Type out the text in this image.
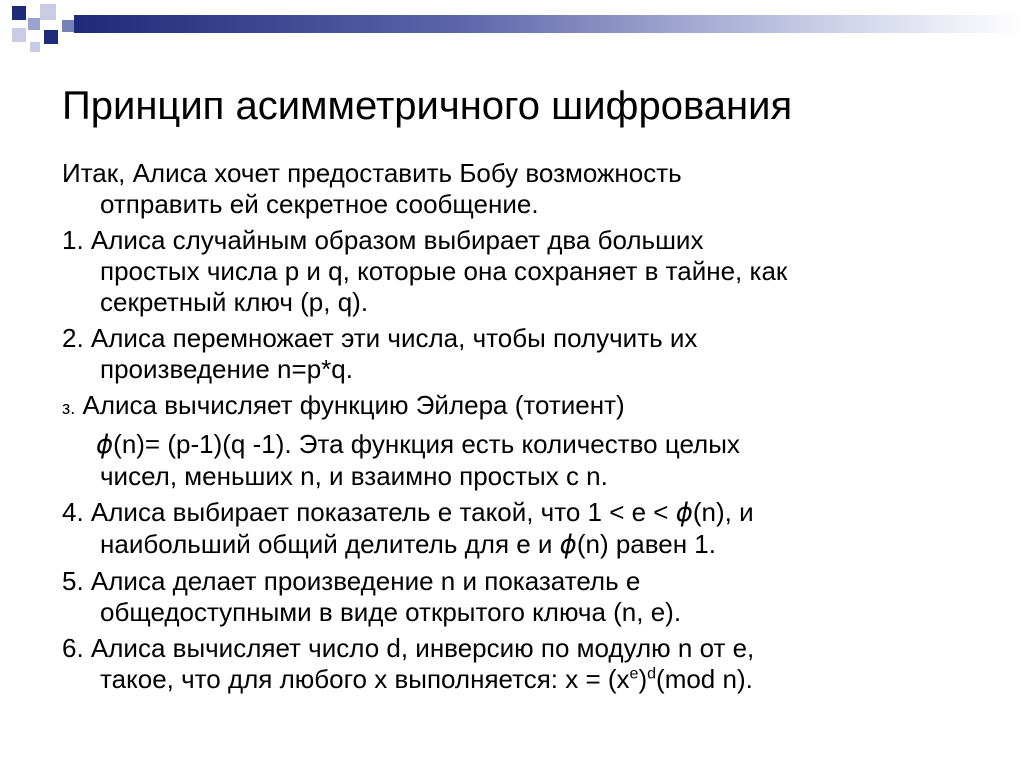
Принцип асимметричного шифрования
Итак, Алиса хочет предоставить Бобу возможность
отправить ей секретное сообщение.
1. Алиса случайным образом выбирает два больших
простых числа p и q, которые она сохраняет в тайне, как
секретный ключ (p, q).
2. Алиса перемножает эти числа, чтобы получить их
произведение n=p*q.
з. Алиса вычисляет функцию Эйлера (тотиент)
ϕ(n)= (p-1)(q -1). Эта функция есть количество целых
чисел, меньших n, и взаимно простых с n.
4. Алиса выбирает показатель e такой, что 1 < e < ϕ(n), и
наибольший общий делитель для e и ϕ(n) равен 1.
5. Алиса делает произведение n и показатель e
общедоступными в виде открытого ключа (n, e).
6. Алиса вычисляет число d, инверсию по модулю n от e,
такое, что для любого x выполняется: $x = (x^e)^d(mod$ n).
